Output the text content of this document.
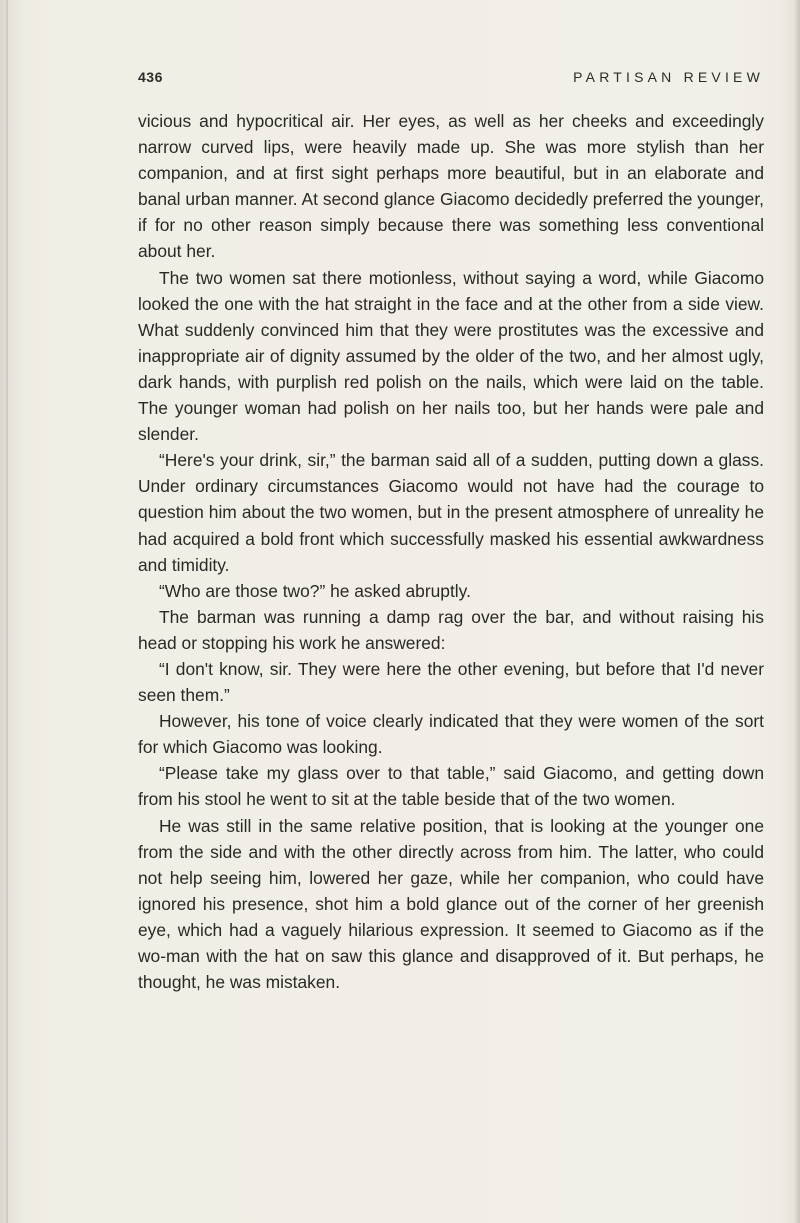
436	PARTISAN REVIEW

vicious and hypocritical air. Her eyes, as well as her cheeks and exceedingly narrow curved lips, were heavily made up. She was more stylish than her companion, and at first sight perhaps more beautiful, but in an elaborate and banal urban manner. At second glance Giacomo decidedly preferred the younger, if for no other reason simply because there was something less conventional about her.

The two women sat there motionless, without saying a word, while Giacomo looked the one with the hat straight in the face and at the other from a side view. What suddenly convinced him that they were prostitutes was the excessive and inappropriate air of dignity assumed by the older of the two, and her almost ugly, dark hands, with purplish red polish on the nails, which were laid on the table. The younger woman had polish on her nails too, but her hands were pale and slender.

“Here's your drink, sir,” the barman said all of a sudden, putting down a glass. Under ordinary circumstances Giacomo would not have had the courage to question him about the two women, but in the present atmosphere of unreality he had acquired a bold front which successfully masked his essential awkwardness and timidity.

“Who are those two?” he asked abruptly.

The barman was running a damp rag over the bar, and without raising his head or stopping his work he answered:

“I don't know, sir. They were here the other evening, but before that I'd never seen them.”

However, his tone of voice clearly indicated that they were women of the sort for which Giacomo was looking.

“Please take my glass over to that table,” said Giacomo, and getting down from his stool he went to sit at the table beside that of the two women.

He was still in the same relative position, that is looking at the younger one from the side and with the other directly across from him. The latter, who could not help seeing him, lowered her gaze, while her companion, who could have ignored his presence, shot him a bold glance out of the corner of her greenish eye, which had a vaguely hilarious expression. It seemed to Giacomo as if the wo-man with the hat on saw this glance and disapproved of it. But perhaps, he thought, he was mistaken.
